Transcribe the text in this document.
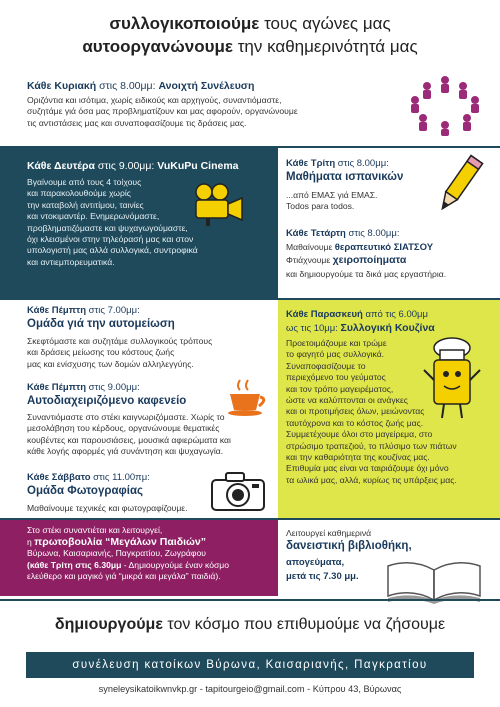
συλλογικοποιούμε τους αγώνες μας
αυτοοργανώνουμε την καθημερινότητά μας
Κάθε Κυριακή στις 8.00μμ: Ανοιχτή Συνέλευση
Οριζόντια και ισότιμα, χωρίς ειδικούς και αρχηγούς, συναντιόμαστε,
συζητάμε γιά όσα μας προβληματίζουν και μας αφορούν, οργανώνουμε
τις αντιστάσεις μας και συναποφασίζουμε τις δράσεις μας.
Κάθε Δευτέρα στις 9.00μμ: VuKuPu Cinema
Βγαίνουμε από τους 4 τοίχους
και παρακολουθούμε χωρίς
την καταβολή αντιτίμου, ταινίες
και ντοκιμαντέρ. Ενημερωνόμαστε,
προβληματιζόμαστε και ψυχαγωγούμαστε,
όχι κλεισμένοι στην τηλεόρασή μας και στον
υπολογιστή μας αλλά συλλογικά, συντροφικά
και αντιεμπορευματικά.
Κάθε Τρίτη στις 8.00μμ:
Μαθήματα ισπανικών
...από ΕΜΑΣ γιά ΕΜΑΣ.
Todos para todos.
Κάθε Τετάρτη στις 8.00μμ:
Μαθαίνουμε θεραπευτικό ΣΙΑΤΣΟΥ
Φτιάχνουμε χειροποίηματα
και δημιουργούμε τα δικά μας εργαστήρια.
Κάθε Παρασκευή από τις 6.00μμ
ως τις 10μμ: Συλλογική Κουζίνα
Προετοιμάζουμε και τρώμε
το φαγητό μας συλλογικά.
Συναποφασίζουμε το
περιεχόμενο του γεύματος
και τον τρόπο μαγειρέματος,
ώστε να καλύπτονται οι ανάγκες
και οι προτιμήσεις όλων, μειώνοντας
ταυτόχρονα και το κόστος ζωής μας.
Συμμετέχουμε όλοι στο μαγείρεμα, στο
στρώσιμο τραπεζιού, το πλύσιμο των πιάτων
και την καθαριότητα της κουζίνας μας.
Επιθυμία μας είναι να ταιριάζουμε όχι μόνο
τα ωλικά μας, αλλά, κυρίως τις υπάρξεις μας.
Κάθε Πέμπτη στις 7.00μμ:
Ομάδα γιά την αυτομείωση
Σκεφτόμαστε και συζητάμε συλλογικούς τρόπους
και δράσεις μείωσης του κόστους ζωής
μας και ενίσχυσης των δομών αλληλεγγύης.
Κάθε Πέμπτη στις 9.00μμ:
Αυτοδιαχειριζόμενο καφενείο
Συναντιόμαστε στο στέκι καιγνωριζόμαστε. Χωρίς το
μεσολάβηση του κέρδους, οργανώνουμε θεματικές
κουβέντες και παρουσιάσεις, μουσικά αφιερώματα και
κάθε λογής αφορμές γιά συνάντηση και ψυχαγωγία.
Κάθε Σάββατο στις 11.00πμ:
Ομάδα Φωτογραφίας
Μαθαίνουμε τεχνικές και φωτογραφίζουμε.
Στο στέκι συναντιέται και λειτουργεί,
η πρωτοβουλία “Μεγάλων Παιδιών”
Βύρωνα, Καισαριανής, Παγκρατίου, Ζωγράφου
(κάθε Τρίτη στις 6.30μμ - Δημιουργούμε έναν κόσμο
ελεύθερο και μαγικό γιά “μικρά και μεγάλα” παιδιά).
Λειτουργεί καθημερινά
δανειστική βιβλιοθήκη,
απογεύματα,
μετά τις 7.30 μμ.
δημιουργούμε τον κόσμο που επιθυμούμε να ζήσουμε
συνέλευση κατοίκων Βύρωνα, Καισαριανής, Παγκρατίου
syneleysikatoikwnvkp.gr - tapitourgeio@gmail.com - Κύπρου 43, Βύρωνας
